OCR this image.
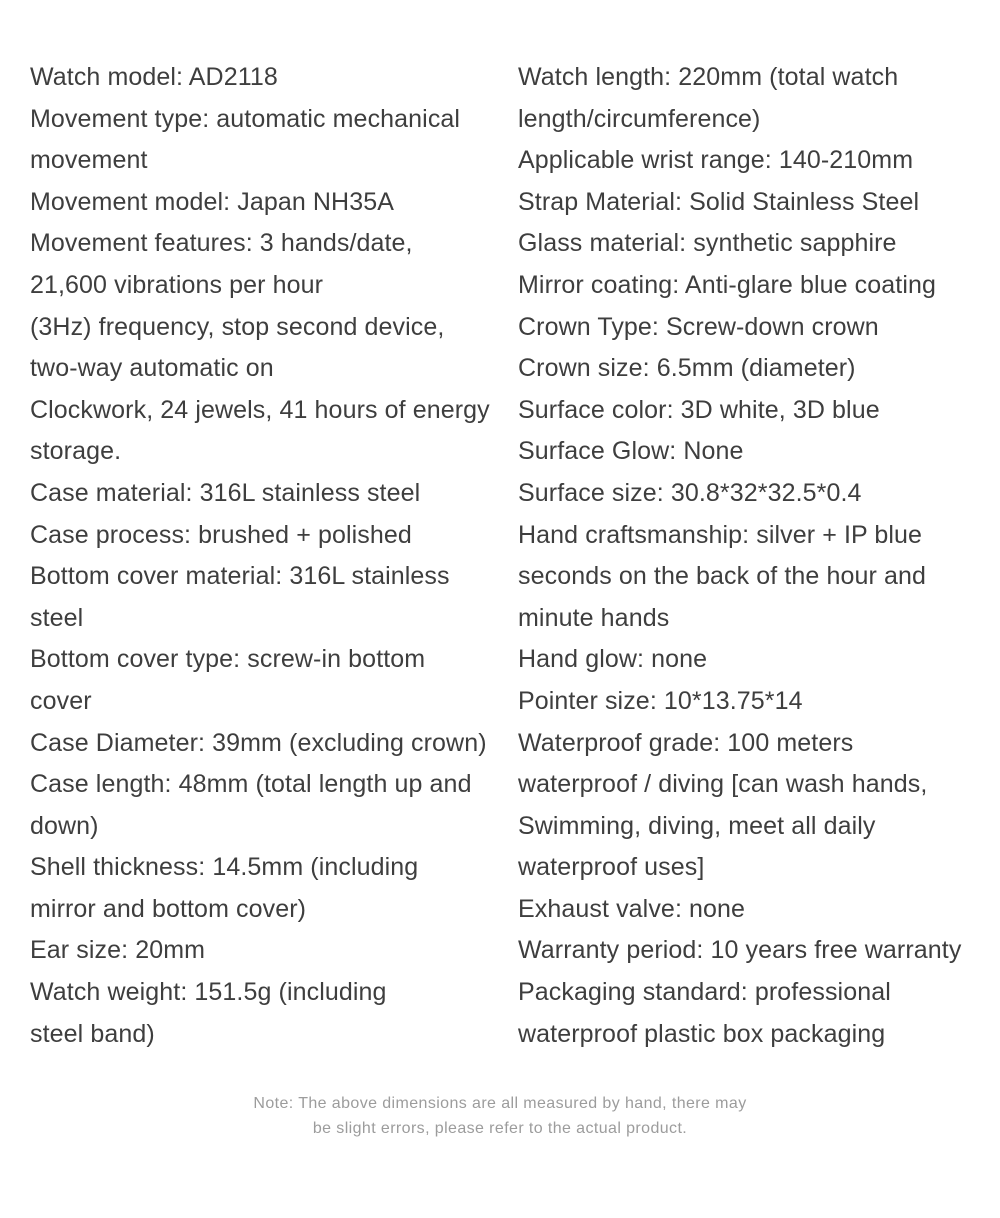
Watch model: AD2118
Movement type: automatic mechanical
movement
Movement model: Japan NH35A
Movement features: 3 hands/date,
21,600 vibrations per hour
(3Hz) frequency, stop second device,
two-way automatic on
Clockwork, 24 jewels, 41 hours of energy
storage.
Case material: 316L stainless steel
Case process: brushed + polished
Bottom cover material: 316L stainless
steel
Bottom cover type: screw-in bottom
cover
Case Diameter: 39mm (excluding crown)
Case length: 48mm (total length up and
down)
Shell thickness: 14.5mm (including
mirror and bottom cover)
Ear size: 20mm
Watch weight: 151.5g (including
steel band)
Watch length: 220mm (total watch
length/circumference)
Applicable wrist range: 140-210mm
Strap Material: Solid Stainless Steel
Glass material: synthetic sapphire
Mirror coating: Anti-glare blue coating
Crown Type: Screw-down crown
Crown size: 6.5mm (diameter)
Surface color: 3D white, 3D blue
Surface Glow: None
Surface size: 30.8*32*32.5*0.4
Hand craftsmanship: silver + IP blue
seconds on the back of the hour and
minute hands
Hand glow: none
Pointer size: 10*13.75*14
Waterproof grade: 100 meters
waterproof / diving [can wash hands,
Swimming, diving, meet all daily
waterproof uses]
Exhaust valve: none
Warranty period: 10 years free warranty
Packaging standard: professional
waterproof plastic box packaging
Note: The above dimensions are all measured by hand, there may
be slight errors, please refer to the actual product.
